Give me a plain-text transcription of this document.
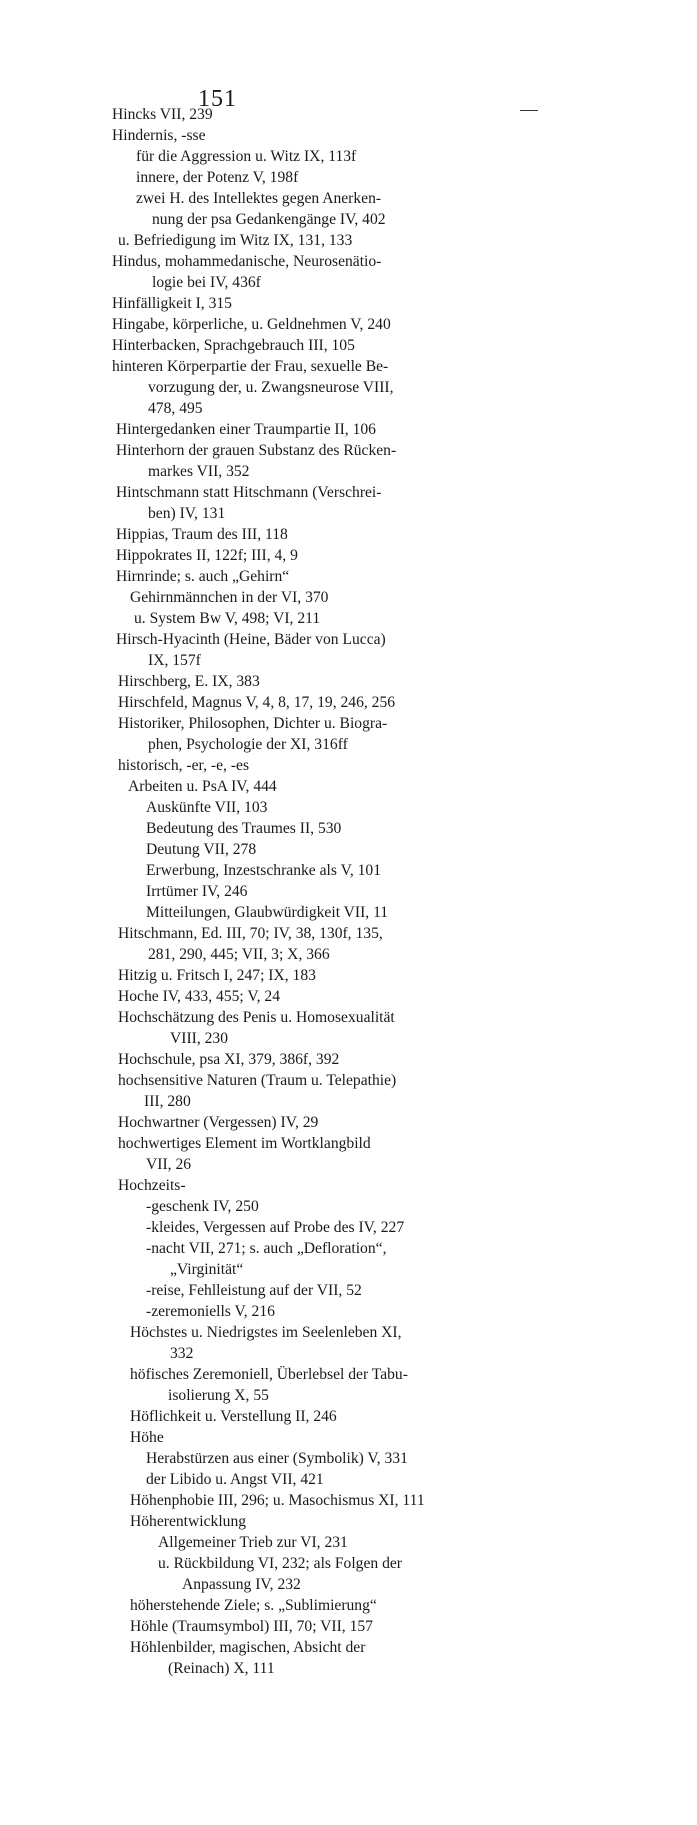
151
Hincks VII, 239
Hindernis, -sse
für die Aggression u. Witz IX, 113f
innere, der Potenz V, 198f
zwei H. des Intellektes gegen Anerken-
nung der psa Gedankengänge IV, 402
u. Befriedigung im Witz IX, 131, 133
Hindus, mohammedanische, Neurosenätio-
logie bei IV, 436f
Hinfälligkeit I, 315
Hingabe, körperliche, u. Geldnehmen V, 240
Hinterbacken, Sprachgebrauch III, 105
hinteren Körperpartie der Frau, sexuelle Be-
vorzugung der, u. Zwangsneurose VIII,
478, 495
Hintergedanken einer Traumpartie II, 106
Hinterhorn der grauen Substanz des Rücken-
markes VII, 352
Hintschmann statt Hitschmann (Verschrei-
ben) IV, 131
Hippias, Traum des III, 118
Hippokrates II, 122f; III, 4, 9
Hirnrinde; s. auch „Gehirn“
Gehirnmännchen in der VI, 370
u. System Bw V, 498; VI, 211
Hirsch-Hyacinth (Heine, Bäder von Lucca)
IX, 157f
Hirschberg, E. IX, 383
Hirschfeld, Magnus V, 4, 8, 17, 19, 246, 256
Historiker, Philosophen, Dichter u. Biogra-
phen, Psychologie der XI, 316ff
historisch, -er, -e, -es
Arbeiten u. PsA IV, 444
Auskünfte VII, 103
Bedeutung des Traumes II, 530
Deutung VII, 278
Erwerbung, Inzestschranke als V, 101
Irrtümer IV, 246
Mitteilungen, Glaubwürdigkeit VII, 11
Hitschmann, Ed. III, 70; IV, 38, 130f, 135,
281, 290, 445; VII, 3; X, 366
Hitzig u. Fritsch I, 247; IX, 183
Hoche IV, 433, 455; V, 24
Hochschätzung des Penis u. Homosexualität
VIII, 230
Hochschule, psa XI, 379, 386f, 392
hochsensitive Naturen (Traum u. Telepathie)
III, 280
Hochwartner (Vergessen) IV, 29
hochwertiges Element im Wortklangbild
VII, 26
Hochzeits-
-geschenk IV, 250
-kleides, Vergessen auf Probe des IV, 227
-nacht VII, 271; s. auch „Defloration“,
„Virginität“
-reise, Fehlleistung auf der VII, 52
-zeremoniells V, 216
Höchstes u. Niedrigstes im Seelenleben XI,
332
höfisches Zeremoniell, Überlebsel der Tabu-
isolierung X, 55
Höflichkeit u. Verstellung II, 246
Höhe
Herabstürzen aus einer (Symbolik) V, 331
der Libido u. Angst VII, 421
Höhenphobie III, 296; u. Masochismus XI, 111
Höherentwicklung
Allgemeiner Trieb zur VI, 231
u. Rückbildung VI, 232; als Folgen der
Anpassung IV, 232
höherstehende Ziele; s. „Sublimierung“
Höhle (Traumsymbol) III, 70; VII, 157
Höhlenbilder, magischen, Absicht der
(Reinach) X, 111
